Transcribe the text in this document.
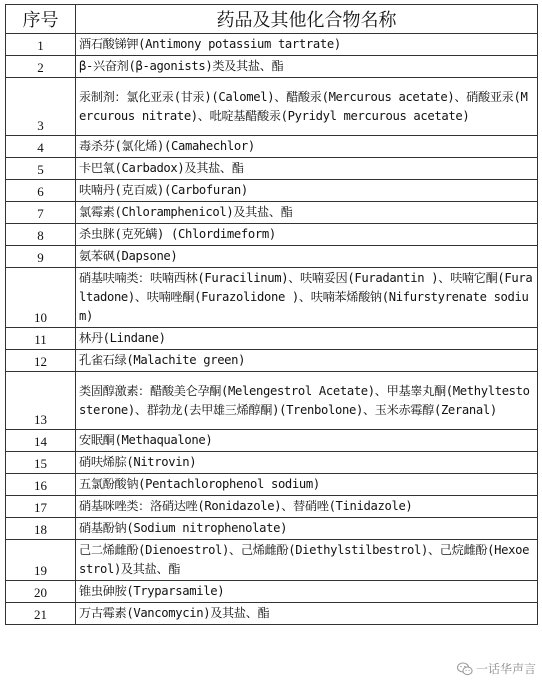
序号	药品及其他化合物名称
1	酒石酸锑钾(Antimony potassium tartrate)
2	β-兴奋剂(β-agonists)类及其盐、酯
3	汞制剂：氯化亚汞(甘汞)(Calomel)、醋酸汞(Mercurous acetate)、硝酸亚汞(Mercurous nitrate)、吡啶基醋酸汞(Pyridyl mercurous acetate)
4	毒杀芬(氯化烯)(Camahechlor)
5	卡巴氧(Carbadox)及其盐、酯
6	呋喃丹(克百威)(Carbofuran)
7	氯霉素(Chloramphenicol)及其盐、酯
8	杀虫脒(克死螨) (Chlordimeform)
9	氨苯砜(Dapsone)
10	硝基呋喃类：呋喃西林(Furacilinum)、呋喃妥因(Furadantin )、呋喃它酮(Furaltadone)、呋喃唑酮(Furazolidone )、呋喃苯烯酸钠(Nifurstyrenate sodium)
11	林丹(Lindane)
12	孔雀石绿(Malachite green)
13	类固醇激素：醋酸美仑孕酮(Melengestrol Acetate)、甲基睾丸酮(Methyltestosterone)、群勃龙(去甲雄三烯醇酮)(Trenbolone)、玉米赤霉醇(Zeranal)
14	安眠酮(Methaqualone)
15	硝呋烯腙(Nitrovin)
16	五氯酚酸钠(Pentachlorophenol sodium)
17	硝基咪唑类：洛硝达唑(Ronidazole)、替硝唑(Tinidazole)
18	硝基酚钠(Sodium nitrophenolate)
19	己二烯雌酚(Dienoestrol)、己烯雌酚(Diethylstilbestrol)、己烷雌酚(Hexoestrol)及其盐、酯
20	锥虫砷胺(Tryparsamile)
21	万古霉素(Vancomycin)及其盐、酯
一话华声言
